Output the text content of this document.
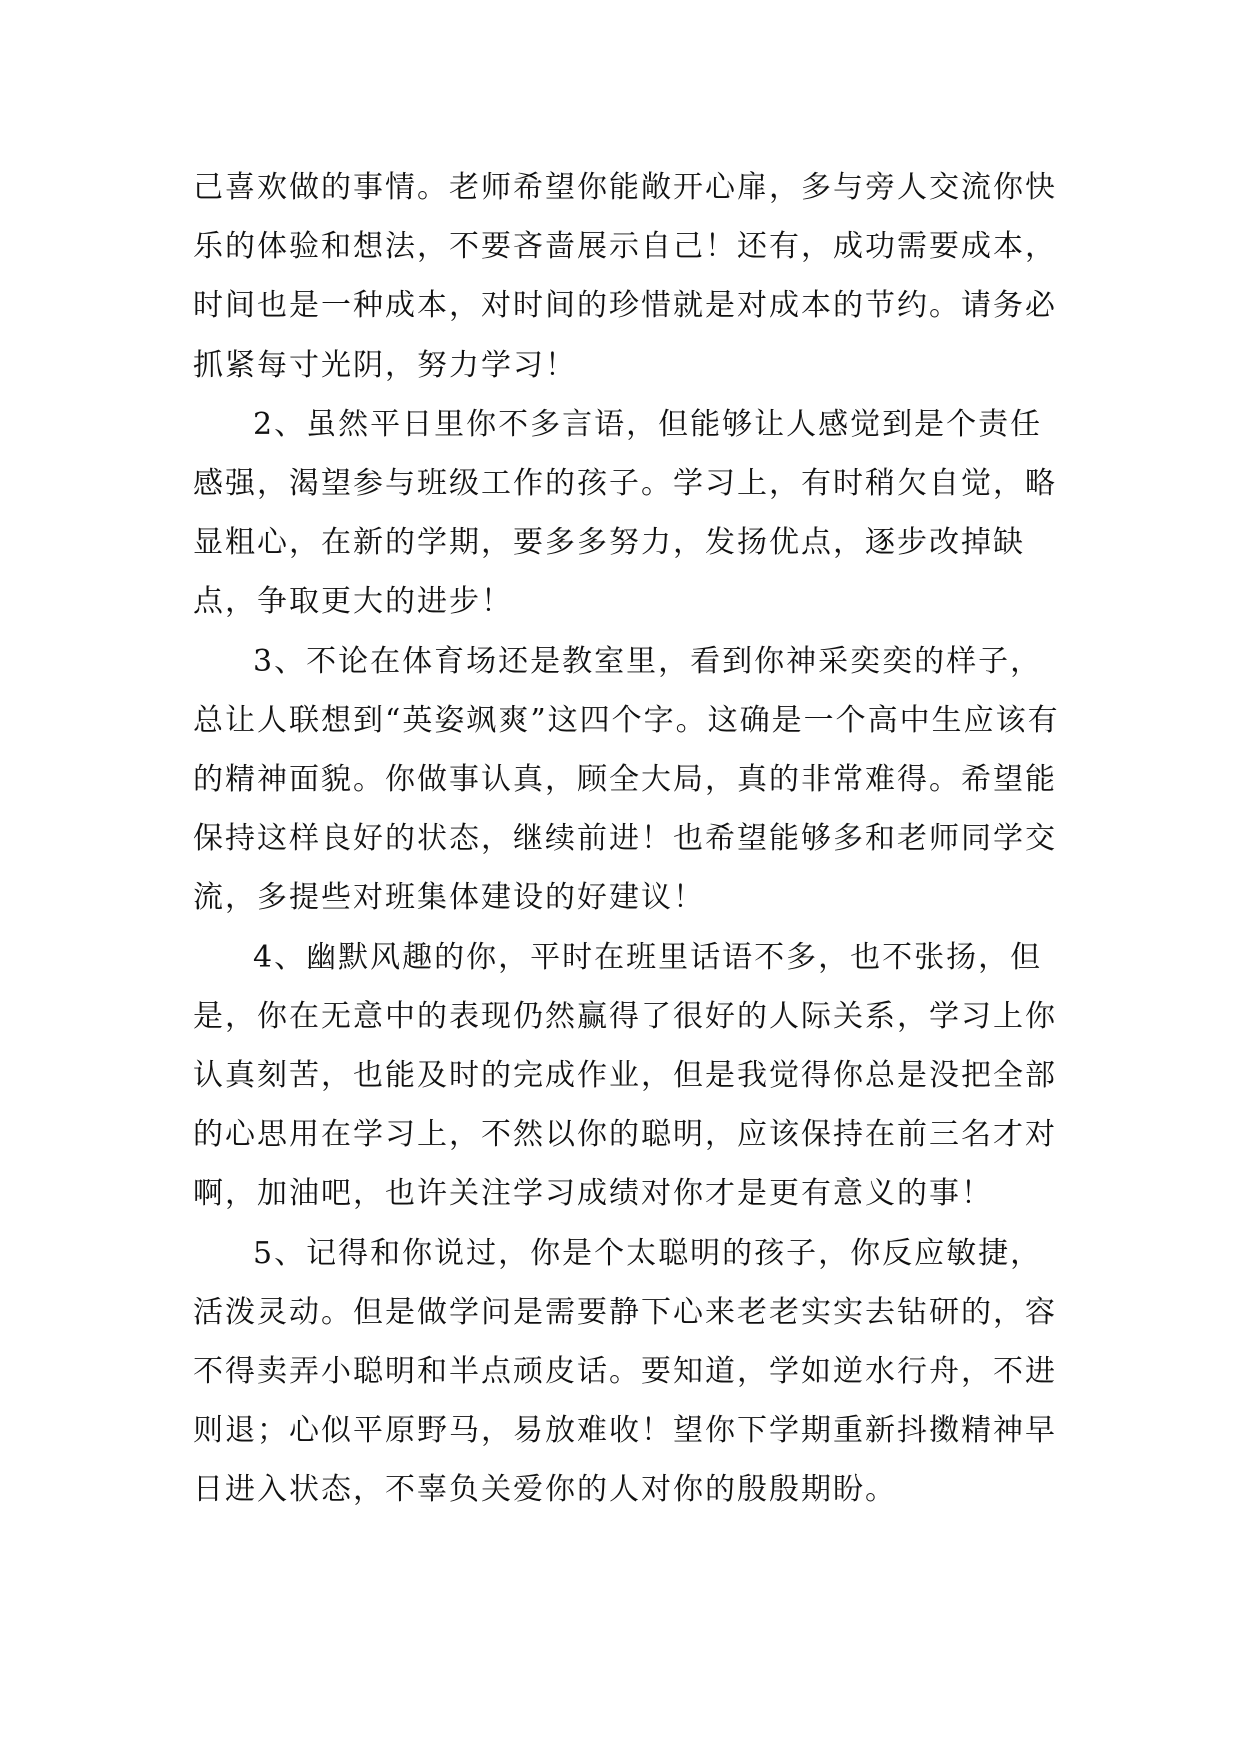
己喜欢做的事情。老师希望你能敞开心扉，多与旁人交流你快乐的体验和想法，不要吝啬展示自己！还有，成功需要成本，时间也是一种成本，对时间的珍惜就是对成本的节约。请务必抓紧每寸光阴，努力学习！

2、虽然平日里你不多言语，但能够让人感觉到是个责任感强，渴望参与班级工作的孩子。学习上，有时稍欠自觉，略显粗心，在新的学期，要多多努力，发扬优点，逐步改掉缺点，争取更大的进步！

3、不论在体育场还是教室里，看到你神采奕奕的样子，总让人联想到“英姿飒爽”这四个字。这确是一个高中生应该有的精神面貌。你做事认真，顾全大局，真的非常难得。希望能保持这样良好的状态，继续前进！也希望能够多和老师同学交流，多提些对班集体建设的好建议！

4、幽默风趣的你，平时在班里话语不多，也不张扬，但是，你在无意中的表现仍然赢得了很好的人际关系，学习上你认真刻苦，也能及时的完成作业，但是我觉得你总是没把全部的心思用在学习上，不然以你的聪明，应该保持在前三名才对啊，加油吧，也许关注学习成绩对你才是更有意义的事！

5、记得和你说过，你是个太聪明的孩子，你反应敏捷，活泼灵动。但是做学问是需要静下心来老老实实去钻研的，容不得卖弄小聪明和半点顽皮话。要知道，学如逆水行舟，不进则退；心似平原野马，易放难收！望你下学期重新抖擞精神早日进入状态，不辜负关爱你的人对你的殷殷期盼。
